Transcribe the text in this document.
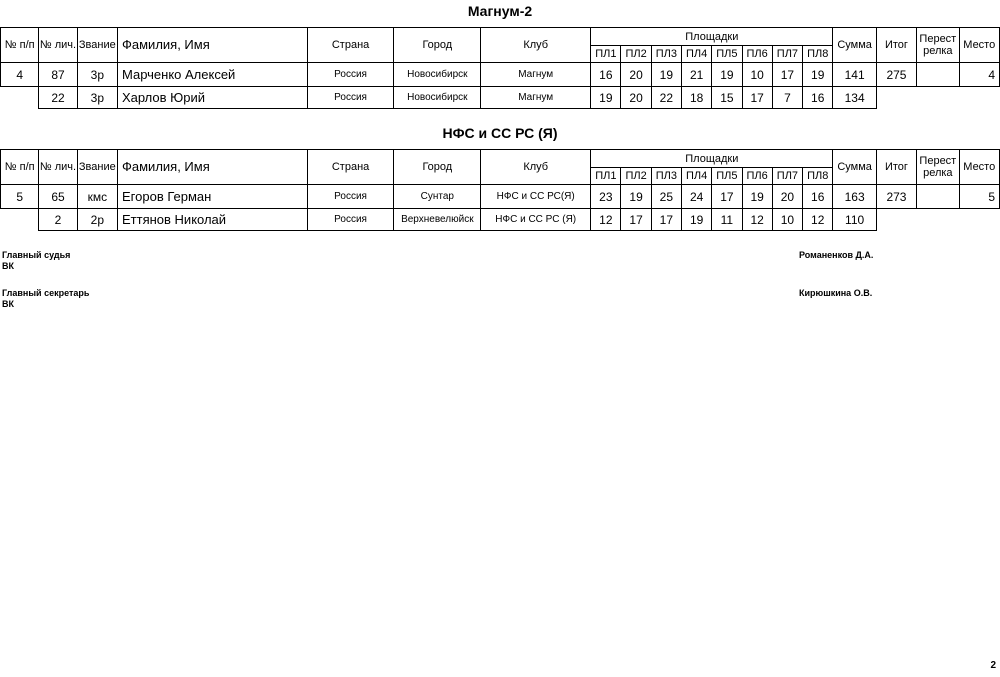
Магнум-2
№ п/п	№ лич.	Звание	Фамилия, Имя	Страна	Город	Клуб	Площадки								Сумма	Итог	Перест релка	Место
							ПЛ1	ПЛ2	ПЛ3	ПЛ4	ПЛ5	ПЛ6	ПЛ7	ПЛ8				
4	87	3р	Марченко Алексей	Россия	Новосибирск	Магнум	16	20	19	21	19	10	17	19	141	275		4
	22	3р	Харлов Юрий	Россия	Новосибирск	Магнум	19	20	22	18	15	17	7	16	134			
НФС и СС РС (Я)
№ п/п	№ лич.	Звание	Фамилия, Имя	Страна	Город	Клуб	Площадки								Сумма	Итог	Перест релка	Место
							ПЛ1	ПЛ2	ПЛ3	ПЛ4	ПЛ5	ПЛ6	ПЛ7	ПЛ8				
5	65	кмс	Егоров Герман	Россия	Сунтар	НФС и СС РС(Я)	23	19	25	24	17	19	20	16	163	273		5
	2	2р	Еттянов Николай	Россия	Верхневелюйск	НФС и СС РС (Я)	12	17	17	19	11	12	10	12	110			
Главный судья
ВК
Романенков Д.А.
Главный секретарь
ВК
Кирюшкина О.В.
2
